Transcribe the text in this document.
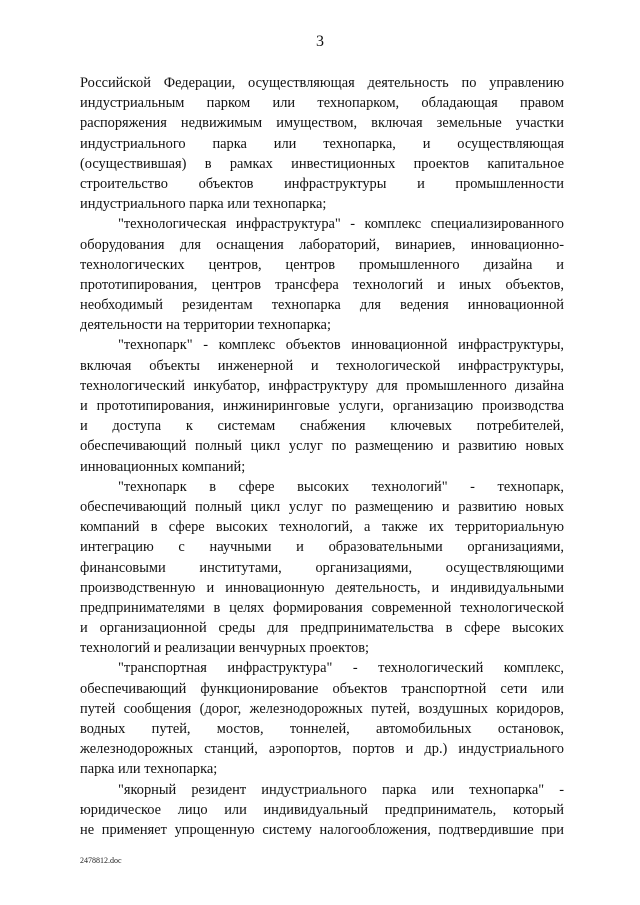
3
Российской Федерации, осуществляющая деятельность по управлению
индустриальным парком или технопарком, обладающая правом
распоряжения недвижимым имуществом, включая земельные участки
индустриального парка или технопарка, и осуществляющая
(осуществившая) в рамках инвестиционных проектов капитальное
строительство объектов инфраструктуры и промышленности
индустриального парка или технопарка;
"технологическая инфраструктура" - комплекс специализированного
оборудования для оснащения лабораторий, винариев, инновационно-
технологических центров, центров промышленного дизайна и
прототипирования, центров трансфера технологий и иных объектов,
необходимый резидентам технопарка для ведения инновационной
деятельности на территории технопарка;
"технопарк" - комплекс объектов инновационной инфраструктуры,
включая объекты инженерной и технологической инфраструктуры,
технологический инкубатор, инфраструктуру для промышленного дизайна
и прототипирования, инжиниринговые услуги, организацию производства
и доступа к системам снабжения ключевых потребителей,
обеспечивающий полный цикл услуг по размещению и развитию новых
инновационных компаний;
"технопарк в сфере высоких технологий" - технопарк,
обеспечивающий полный цикл услуг по размещению и развитию новых
компаний в сфере высоких технологий, а также их территориальную
интеграцию с научными и образовательными организациями,
финансовыми институтами, организациями, осуществляющими
производственную и инновационную деятельность, и индивидуальными
предпринимателями в целях формирования современной технологической
и организационной среды для предпринимательства в сфере высоких
технологий и реализации венчурных проектов;
"транспортная инфраструктура" - технологический комплекс,
обеспечивающий функционирование объектов транспортной сети или
путей сообщения (дорог, железнодорожных путей, воздушных коридоров,
водных путей, мостов, тоннелей, автомобильных остановок,
железнодорожных станций, аэропортов, портов и др.) индустриального
парка или технопарка;
"якорный резидент индустриального парка или технопарка" -
юридическое лицо или индивидуальный предприниматель, который
не применяет упрощенную систему налогообложения, подтвердившие при
2478812.doc
